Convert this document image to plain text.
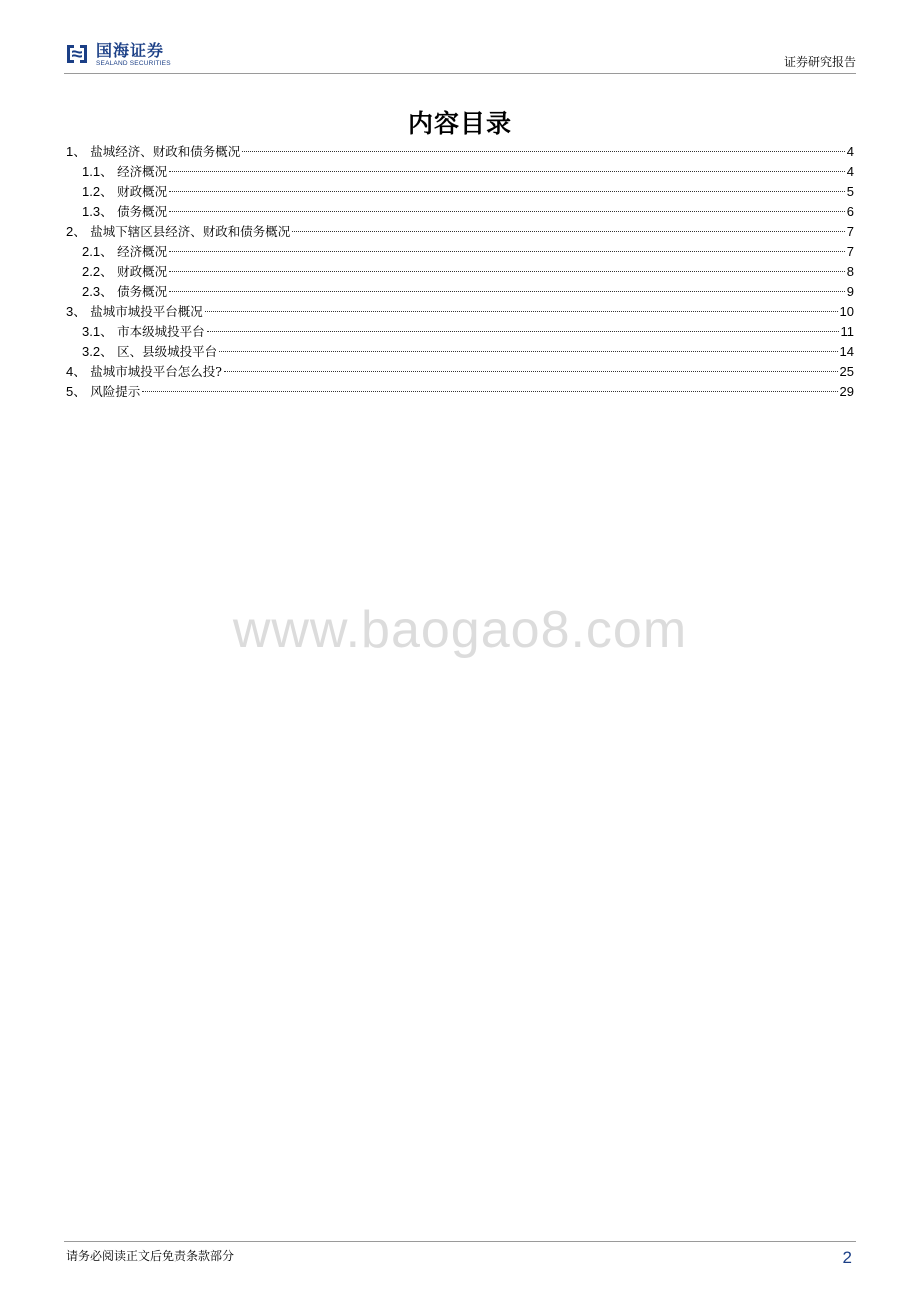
国海证券
SEALAND SECURITIES	证券研究报告
内容目录
1、 盐城经济、财政和债务概况	4
1.1、 经济概况	4
1.2、 财政概况	5
1.3、 债务概况	6
2、 盐城下辖区县经济、财政和债务概况	7
2.1、 经济概况	7
2.2、 财政概况	8
2.3、 债务概况	9
3、 盐城市城投平台概况	10
3.1、 市本级城投平台	11
3.2、 区、县级城投平台	14
4、 盐城市城投平台怎么投?	25
5、 风险提示	29
www.baogao8.com
请务必阅读正文后免责条款部分	2
